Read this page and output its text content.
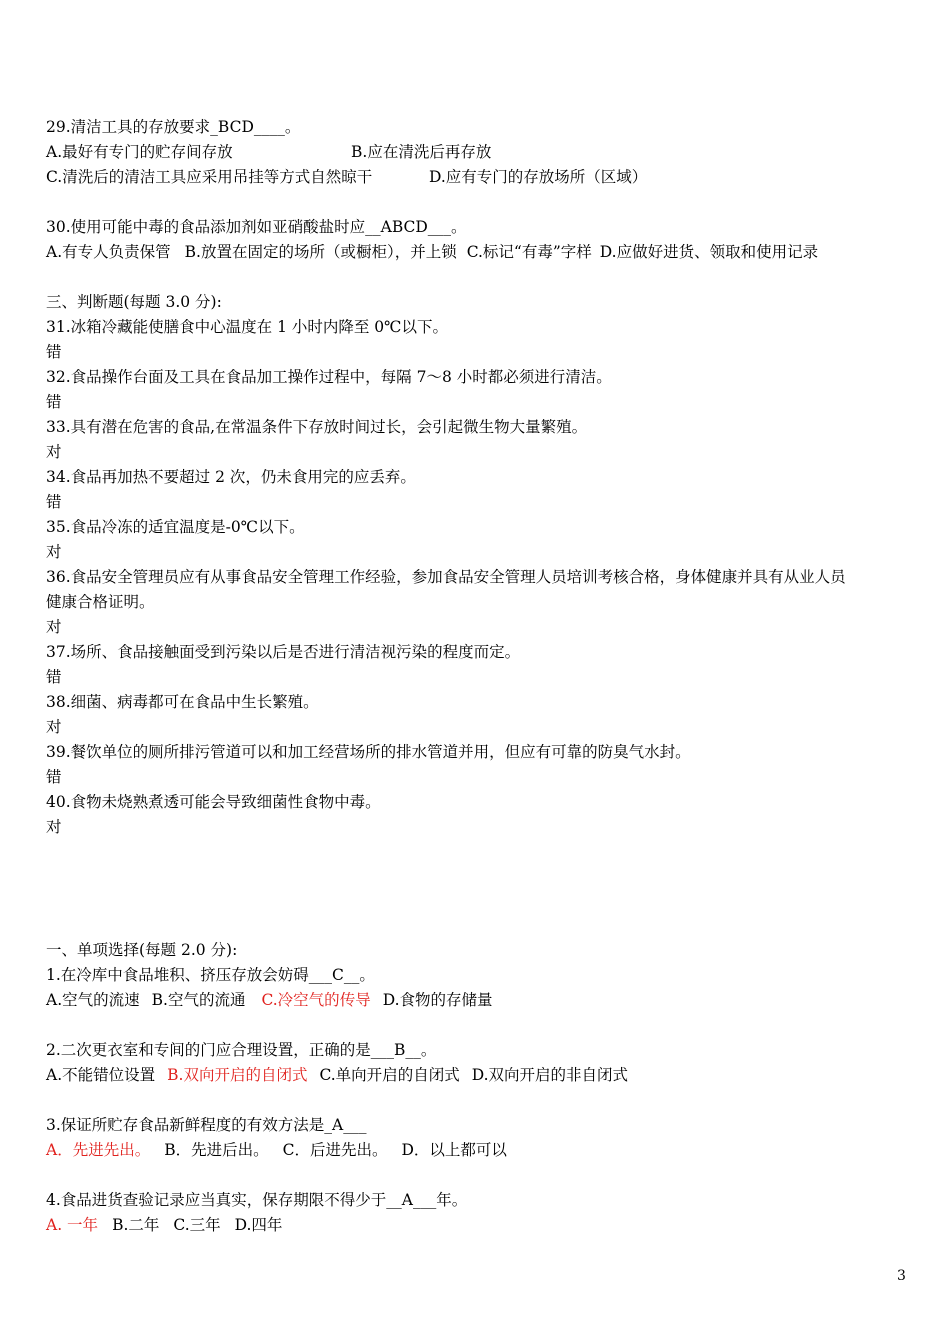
29.清洁工具的存放要求_BCD____。
A.最好有专门的贮存间存放	B.应在清洗后再存放
C.清洗后的清洁工具应采用吊挂等方式自然晾干	D.应有专门的存放场所（区域）
30.使用可能中毒的食品添加剂如亚硝酸盐时应__ABCD___。
A.有专人负责保管 B.放置在固定的场所（或橱柜），并上锁 C.标记“有毒”字样 D.应做好进货、领取和使用记录
三、判断题(每题 3.0 分):
31.冰箱冷藏能使膳食中心温度在 1 小时内降至 0℃以下。
错
32.食品操作台面及工具在食品加工操作过程中，每隔 7～8 小时都必须进行清洁。
错
33.具有潜在危害的食品,在常温条件下存放时间过长，会引起微生物大量繁殖。
对
34.食品再加热不要超过 2 次，仍未食用完的应丢弃。
错
35.食品冷冻的适宜温度是-0℃以下。
对
36.食品安全管理员应有从事食品安全管理工作经验，参加食品安全管理人员培训考核合格，身体健康并具有从业人员
健康合格证明。
对
37.场所、食品接触面受到污染以后是否进行清洁视污染的程度而定。
错
38.细菌、病毒都可在食品中生长繁殖。
对
39.餐饮单位的厕所排污管道可以和加工经营场所的排水管道并用，但应有可靠的防臭气水封。
错
40.食物未烧熟煮透可能会导致细菌性食物中毒。
对
一、单项选择(每题 2.0 分):
1.在冷库中食品堆积、挤压存放会妨碍___C__。
A.空气的流速 B.空气的流通 C.冷空气的传导 D.食物的存储量
2.二次更衣室和专间的门应合理设置，正确的是___B__。
A.不能错位设置 B.双向开启的自闭式 C.单向开启的自闭式 D.双向开启的非自闭式
3.保证所贮存食品新鲜程度的有效方法是_A___
A．先进先出。 B．先进后出。 C．后进先出。 D．以上都可以
4.食品进货查验记录应当真实，保存期限不得少于__A___年。
A. 一年 B.二年 C.三年 D.四年
3
